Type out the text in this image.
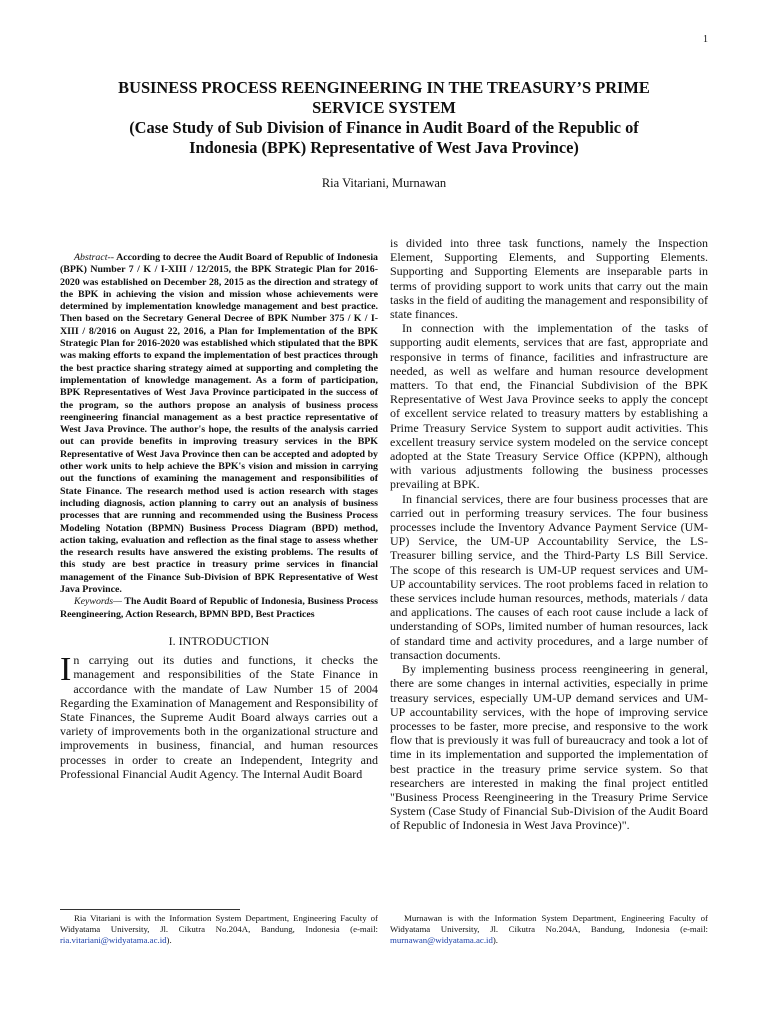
1
BUSINESS PROCESS REENGINEERING IN THE TREASURY’S PRIME
SERVICE SYSTEM
(Case Study of Sub Division of Finance in Audit Board of the Republic of
Indonesia (BPK) Representative of West Java Province)
Ria Vitariani, Murnawan

Abstract-- According to decree the Audit Board of Republic of Indonesia (BPK) Number 7 / K / I-XIII / 12/2015, the BPK Strategic Plan for 2016-2020 was established on December 28, 2015 as the direction and strategy of the BPK in achieving the vision and mission whose achievements were determined by implementation knowledge management and best practice. Then based on the Secretary General Decree of BPK Number 375 / K / I-XIII / 8/2016 on August 22, 2016, a Plan for Implementation of the BPK Strategic Plan for 2016-2020 was established which stipulated that the BPK was making efforts to expand the implementation of best practices through the best practice sharing strategy aimed at supporting and completing the implementation of knowledge management. As a form of participation, BPK Representatives of West Java Province participated in the success of the program, so the authors propose an analysis of business process reengineering financial management as a best practice representative of West Java Province. The author's hope, the results of the analysis carried out can provide benefits in improving treasury services in the BPK Representative of West Java Province then can be accepted and adopted by other work units to help achieve the BPK's vision and mission in carrying out the functions of examining the management and responsibilities of State Finance. The research method used is action research with stages including diagnosis, action planning to carry out an analysis of business processes that are running and recommended using the Business Process Modeling Notation (BPMN) Business Process Diagram (BPD) method, action taking, evaluation and reflection as the final stage to assess whether the research results have answered the existing problems. The results of this study are best practice in treasury prime services in financial management of the Finance Sub-Division of BPK Representative of West Java Province.

Keywords— The Audit Board of Republic of Indonesia, Business Process Reengineering, Action Research, BPMN BPD, Best Practices

I. INTRODUCTION

In carrying out its duties and functions, it checks the management and responsibilities of the State Finance in accordance with the mandate of Law Number 15 of 2004 Regarding the Examination of Management and Responsibility of State Finances, the Supreme Audit Board always carries out a variety of improvements both in the organizational structure and improvements in business, financial, and human resources processes in order to create an Independent, Integrity and Professional Financial Audit Agency. The Internal Audit Board

is divided into three task functions, namely the Inspection Element, Supporting Elements, and Supporting Elements. Supporting and Supporting Elements are inseparable parts in terms of providing support to work units that carry out the main tasks in the field of auditing the management and responsibility of state finances.

In connection with the implementation of the tasks of supporting audit elements, services that are fast, appropriate and responsive in terms of finance, facilities and infrastructure are needed, as well as welfare and human resource development matters. To that end, the Financial Subdivision of the BPK Representative of West Java Province seeks to apply the concept of excellent service related to treasury matters by establishing a Prime Treasury Service System to support audit activities. This excellent treasury service system modeled on the service concept adopted at the State Treasury Service Office (KPPN), although with various adjustments following the business processes prevailing at BPK.

In financial services, there are four business processes that are carried out in performing treasury services. The four business processes include the Inventory Advance Payment Service (UM-UP) Service, the UM-UP Accountability Service, the LS-Treasurer billing service, and the Third-Party LS Bill Service. The scope of this research is UM-UP request services and UM-UP accountability services. The root problems faced in relation to these services include human resources, methods, materials / data and applications. The causes of each root cause include a lack of understanding of SOPs, limited number of human resources, lack of standard time and activity procedures, and a large number of transaction documents.

By implementing business process reengineering in general, there are some changes in internal activities, especially in prime treasury services, especially UM-UP demand services and UM-UP accountability services, with the hope of improving service processes to be faster, more precise, and responsive to the work flow that is previously it was full of bureaucracy and took a lot of time in its implementation and supported the implementation of best practice in the treasury prime service system. So that researchers are interested in making the final project entitled "Business Process Reengineering in the Treasury Prime Service System (Case Study of Financial Sub-Division of the Audit Board of Republic of Indonesia in West Java Province)".

Ria Vitariani is with the Information System Department, Engineering Faculty of Widyatama University, Jl. Cikutra No.204A, Bandung, Indonesia (e-mail: ria.vitariani@widyatama.ac.id).
Murnawan is with the Information System Department, Engineering Faculty of Widyatama University, Jl. Cikutra No.204A, Bandung, Indonesia (e-mail: murnawan@widyatama.ac.id).
